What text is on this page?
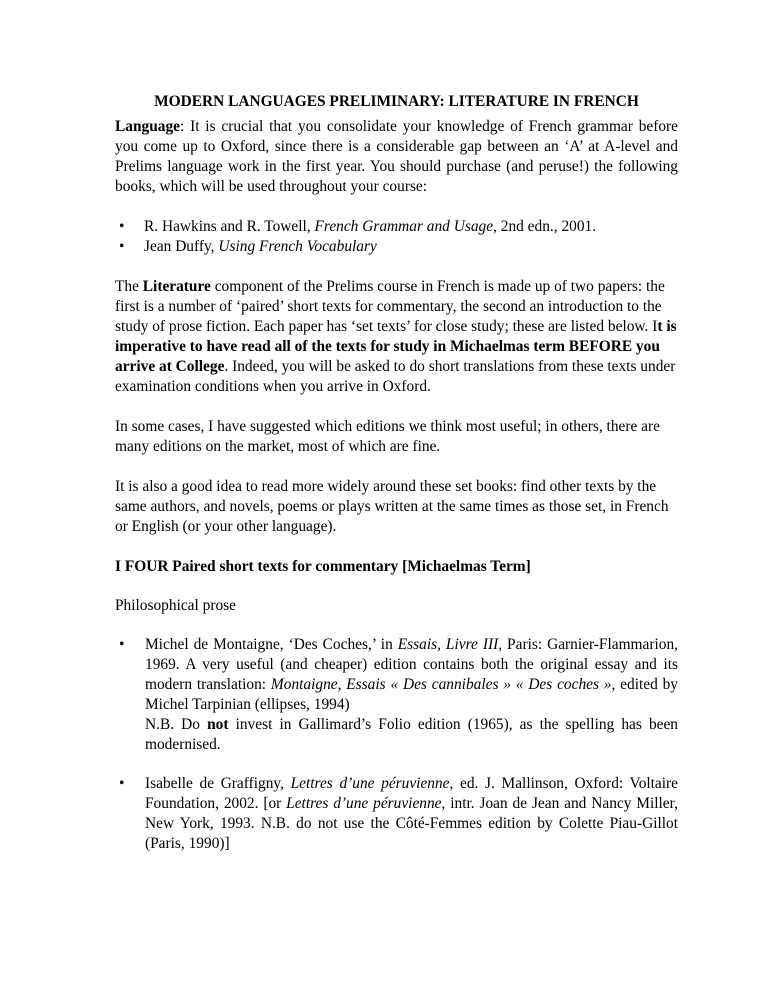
MODERN LANGUAGES PRELIMINARY: LITERATURE IN FRENCH

Language: It is crucial that you consolidate your knowledge of French grammar before you come up to Oxford, since there is a considerable gap between an ‘A’ at A-level and Prelims language work in the first year. You should purchase (and peruse!) the following books, which will be used throughout your course:

• R. Hawkins and R. Towell, French Grammar and Usage, 2nd edn., 2001.
• Jean Duffy, Using French Vocabulary

The Literature component of the Prelims course in French is made up of two papers: the first is a number of ‘paired’ short texts for commentary, the second an introduction to the study of prose fiction. Each paper has ‘set texts’ for close study; these are listed below. It is imperative to have read all of the texts for study in Michaelmas term BEFORE you arrive at College. Indeed, you will be asked to do short translations from these texts under examination conditions when you arrive in Oxford.

In some cases, I have suggested which editions we think most useful; in others, there are many editions on the market, most of which are fine.

It is also a good idea to read more widely around these set books: find other texts by the same authors, and novels, poems or plays written at the same times as those set, in French or English (or your other language).

I FOUR Paired short texts for commentary [Michaelmas Term]

Philosophical prose

• Michel de Montaigne, ‘Des Coches,’ in Essais, Livre III, Paris: Garnier-Flammarion, 1969. A very useful (and cheaper) edition contains both the original essay and its modern translation: Montaigne, Essais « Des cannibales » « Des coches », edited by Michel Tarpinian (ellipses, 1994)
N.B. Do not invest in Gallimard’s Folio edition (1965), as the spelling has been modernised.
• Isabelle de Graffigny, Lettres d’une péruvienne, ed. J. Mallinson, Oxford: Voltaire Foundation, 2002. [or Lettres d’une péruvienne, intr. Joan de Jean and Nancy Miller, New York, 1993. N.B. do not use the Côté-Femmes edition by Colette Piau-Gillot (Paris, 1990)]
